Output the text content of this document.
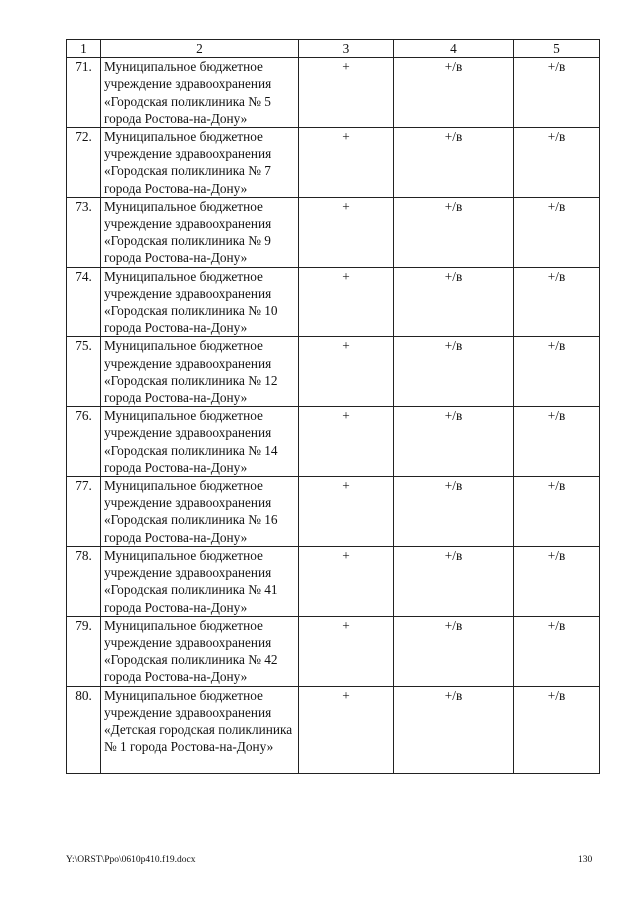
1	2	3	4	5
71.	Муниципальное бюджетное учреждение здравоохранения «Городская поликлиника № 5 города Ростова-на-Дону»	+	+/в	+/в
72.	Муниципальное бюджетное учреждение здравоохранения «Городская поликлиника № 7 города Ростова-на-Дону»	+	+/в	+/в
73.	Муниципальное бюджетное учреждение здравоохранения «Городская поликлиника № 9 города Ростова-на-Дону»	+	+/в	+/в
74.	Муниципальное бюджетное учреждение здравоохранения «Городская поликлиника № 10 города Ростова-на-Дону»	+	+/в	+/в
75.	Муниципальное бюджетное учреждение здравоохранения «Городская поликлиника № 12 города Ростова-на-Дону»	+	+/в	+/в
76.	Муниципальное бюджетное учреждение здравоохранения «Городская поликлиника № 14 города Ростова-на-Дону»	+	+/в	+/в
77.	Муниципальное бюджетное учреждение здравоохранения «Городская поликлиника № 16 города Ростова-на-Дону»	+	+/в	+/в
78.	Муниципальное бюджетное учреждение здравоохранения «Городская поликлиника № 41 города Ростова-на-Дону»	+	+/в	+/в
79.	Муниципальное бюджетное учреждение здравоохранения «Городская поликлиника № 42 города Ростова-на-Дону»	+	+/в	+/в
80.	Муниципальное бюджетное учреждение здравоохранения «Детская городская поликлиника № 1 города Ростова-на-Дону»	+	+/в	+/в
Y:\ORST\Ppo\0610p410.f19.docx	130
